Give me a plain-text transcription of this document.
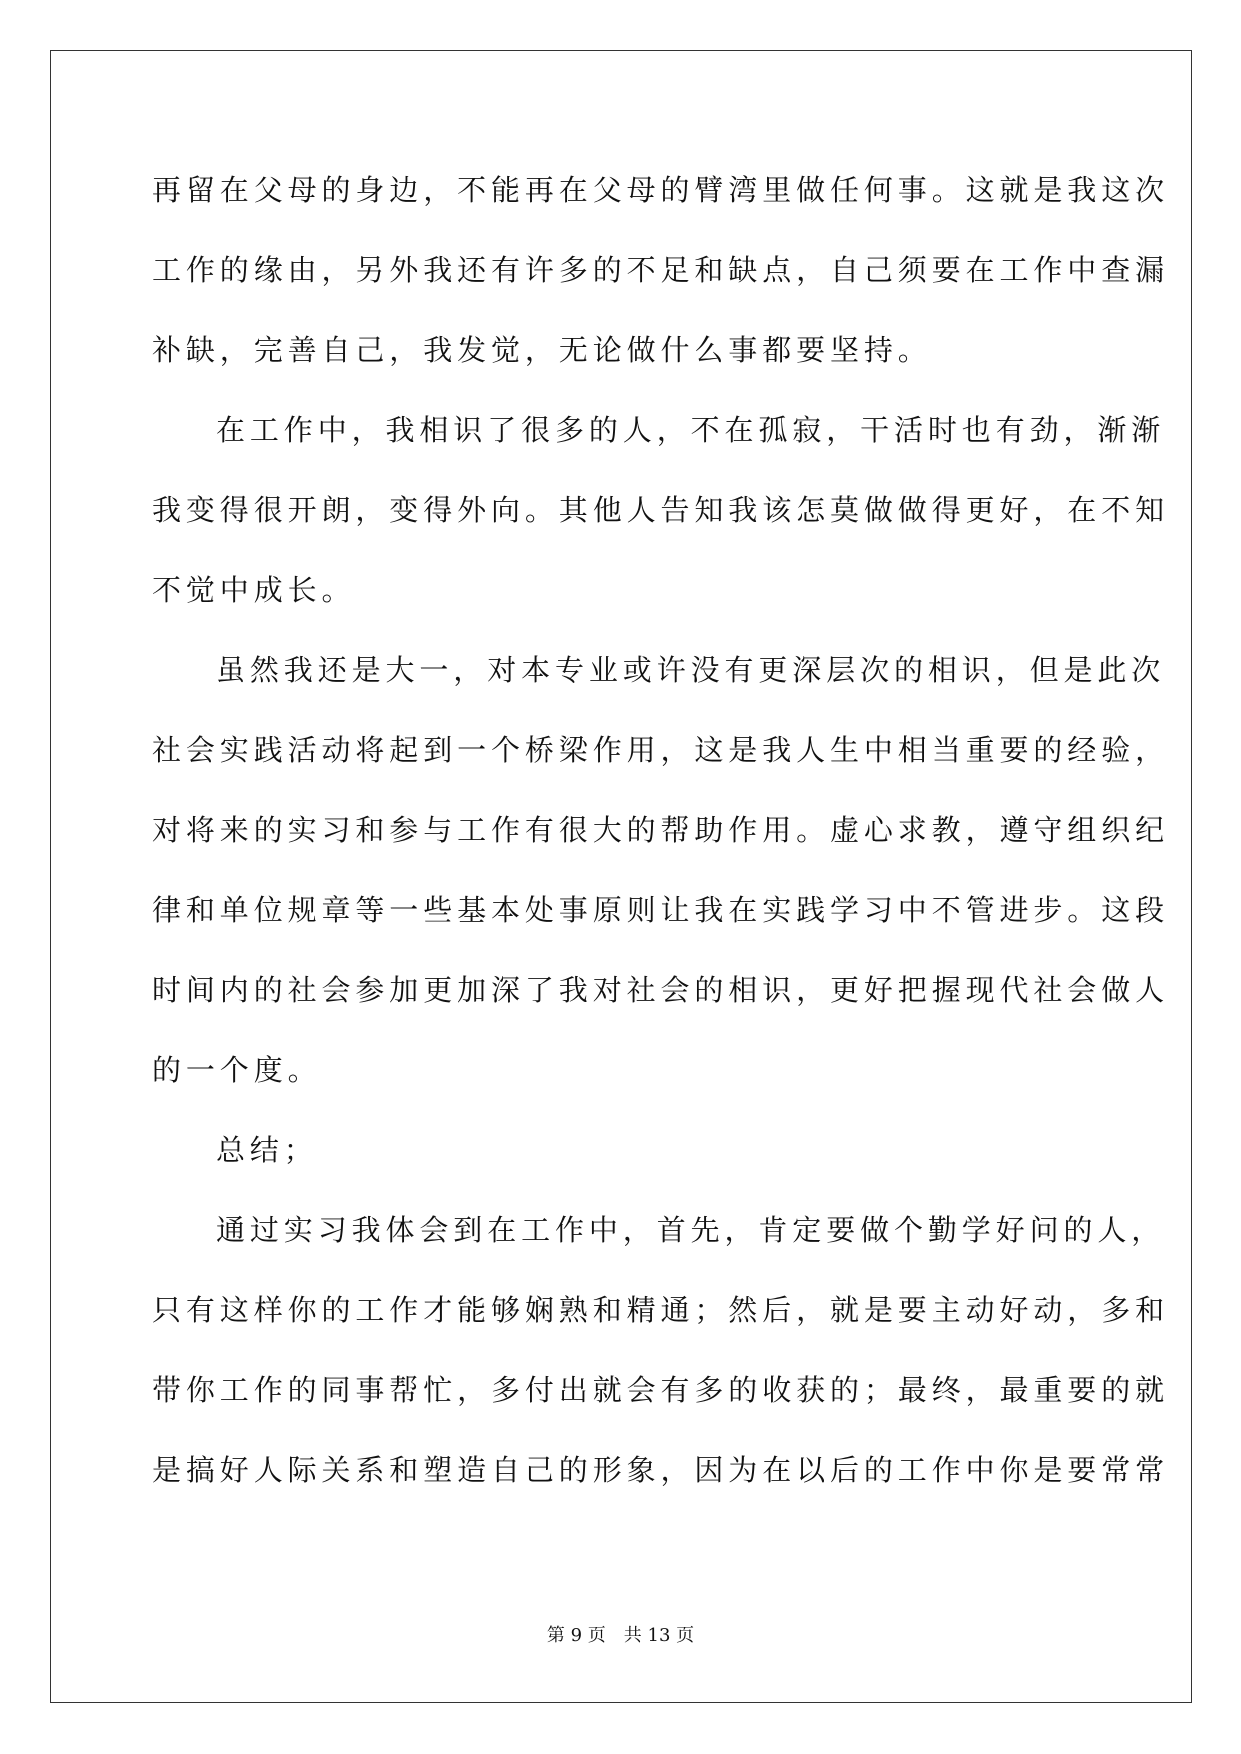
再留在父母的身边，不能再在父母的臂湾里做任何事。这就是我这次
工作的缘由，另外我还有许多的不足和缺点，自己须要在工作中查漏
补缺，完善自己，我发觉，无论做什么事都要坚持。
在工作中，我相识了很多的人，不在孤寂，干活时也有劲，渐渐
我变得很开朗，变得外向。其他人告知我该怎莫做做得更好，在不知
不觉中成长。
虽然我还是大一，对本专业或许没有更深层次的相识，但是此次
社会实践活动将起到一个桥梁作用，这是我人生中相当重要的经验，
对将来的实习和参与工作有很大的帮助作用。虚心求教，遵守组织纪
律和单位规章等一些基本处事原则让我在实践学习中不管进步。这段
时间内的社会参加更加深了我对社会的相识，更好把握现代社会做人
的一个度。
总结；
通过实习我体会到在工作中，首先，肯定要做个勤学好问的人，
只有这样你的工作才能够娴熟和精通；然后，就是要主动好动，多和
带你工作的同事帮忙，多付出就会有多的收获的；最终，最重要的就
是搞好人际关系和塑造自己的形象，因为在以后的工作中你是要常常
第 9 页 共 13 页
